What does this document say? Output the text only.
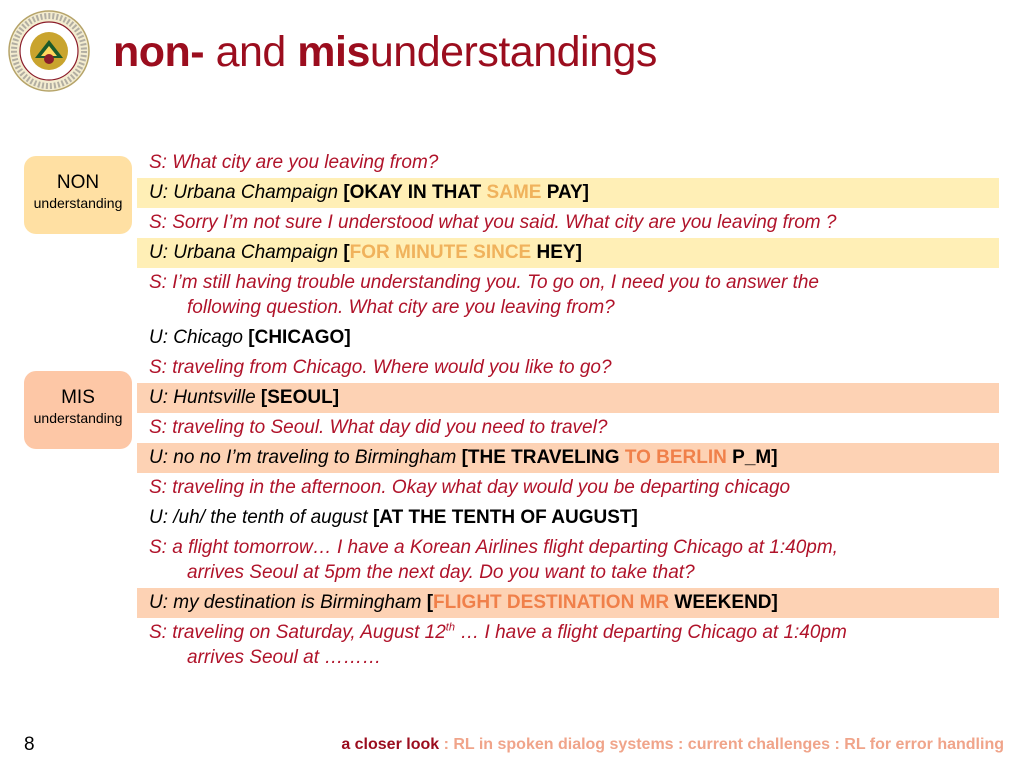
non- and misunderstandings
NON
understanding
MIS
understanding
S: What city are you leaving from?
U: Urbana Champaign [OKAY IN THAT SAME PAY]
S: Sorry I’m not sure I understood what you said. What city are you leaving from ?
U: Urbana Champaign [FOR MINUTE SINCE HEY]
S: I’m still having trouble understanding you. To go on, I need you to answer the
following question. What city are you leaving from?
U: Chicago [CHICAGO]
S: traveling from Chicago. Where would you like to go?
U: Huntsville [SEOUL]
S: traveling to Seoul. What day did you need to travel?
U: no no I’m traveling to Birmingham [THE TRAVELING TO BERLIN P_M]
S: traveling in the afternoon. Okay what day would you be departing chicago
U: /uh/ the tenth of august [AT THE TENTH OF AUGUST]
S: a flight tomorrow… I have a Korean Airlines flight departing Chicago at 1:40pm,
arrives Seoul at 5pm the next day. Do you want to take that?
U: my destination is Birmingham [FLIGHT DESTINATION MR WEEKEND]
S: traveling on Saturday, August 12th … I have a flight departing Chicago at 1:40pm
arrives Seoul at ………
8	a closer look : RL in spoken dialog systems : current challenges : RL for error handling
